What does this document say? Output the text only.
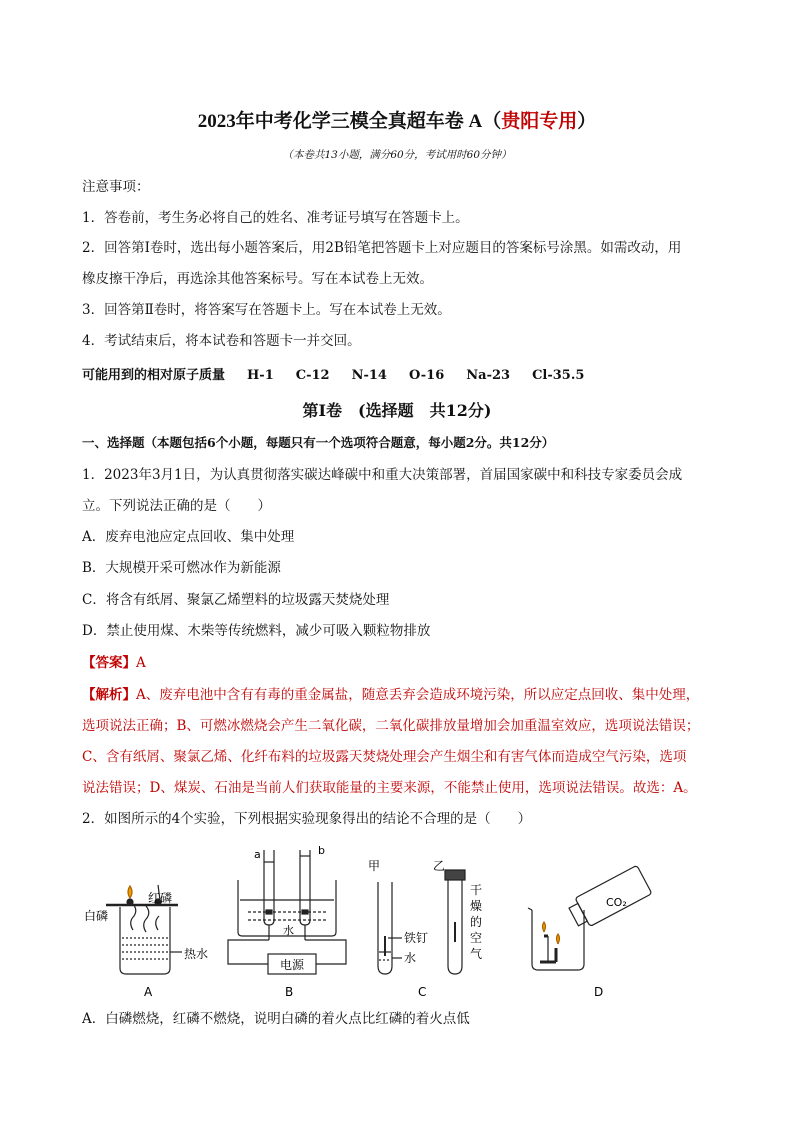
2023年中考化学三模全真超车卷 A（贵阳专用）
（本卷共13小题，满分60分，考试用时60分钟）
注意事项：
1．答卷前，考生务必将自己的姓名、准考证号填写在答题卡上。
2．回答第Ⅰ卷时，选出每小题答案后，用2B铅笔把答题卡上对应题目的答案标号涂黑。如需改动，用
橡皮擦干净后，再选涂其他答案标号。写在本试卷上无效。
3．回答第Ⅱ卷时，将答案写在答题卡上。写在本试卷上无效。
4．考试结束后，将本试卷和答题卡一并交回。
可能用到的相对原子质量 H-1 C-12 N-14 O-16 Na-23 Cl-35.5
第Ⅰ卷　(选择题　共12分)
一、选择题（本题包括6个小题，每题只有一个选项符合题意，每小题2分。共12分）
1．2023年3月1日，为认真贯彻落实碳达峰碳中和重大决策部署，首届国家碳中和科技专家委员会成
立。下列说法正确的是（　　）
A．废弃电池应定点回收、集中处理
B．大规模开采可燃冰作为新能源
C．将含有纸屑、聚氯乙烯塑料的垃圾露天焚烧处理
D．禁止使用煤、木柴等传统燃料，减少可吸入颗粒物排放
【答案】A
【解析】A、废弃电池中含有有毒的重金属盐，随意丢弃会造成环境污染，所以应定点回收、集中处理，
选项说法正确；B、可燃冰燃烧会产生二氧化碳，二氧化碳排放量增加会加重温室效应，选项说法错误；
C、含有纸屑、聚氯乙烯、化纤布料的垃圾露天焚烧处理会产生烟尘和有害气体而造成空气污染，选项
说法错误；D、煤炭、石油是当前人们获取能量的主要来源，不能禁止使用，选项说法错误。故选：A。
2．如图所示的4个实验，下列根据实验现象得出的结论不合理的是（　　）
红磷
白磷
热水
A
a	b
水
电源
B
甲	乙
铁钉
水
干
燥
的
空
气
C
CO₂
D
A．白磷燃烧，红磷不燃烧，说明白磷的着火点比红磷的着火点低
